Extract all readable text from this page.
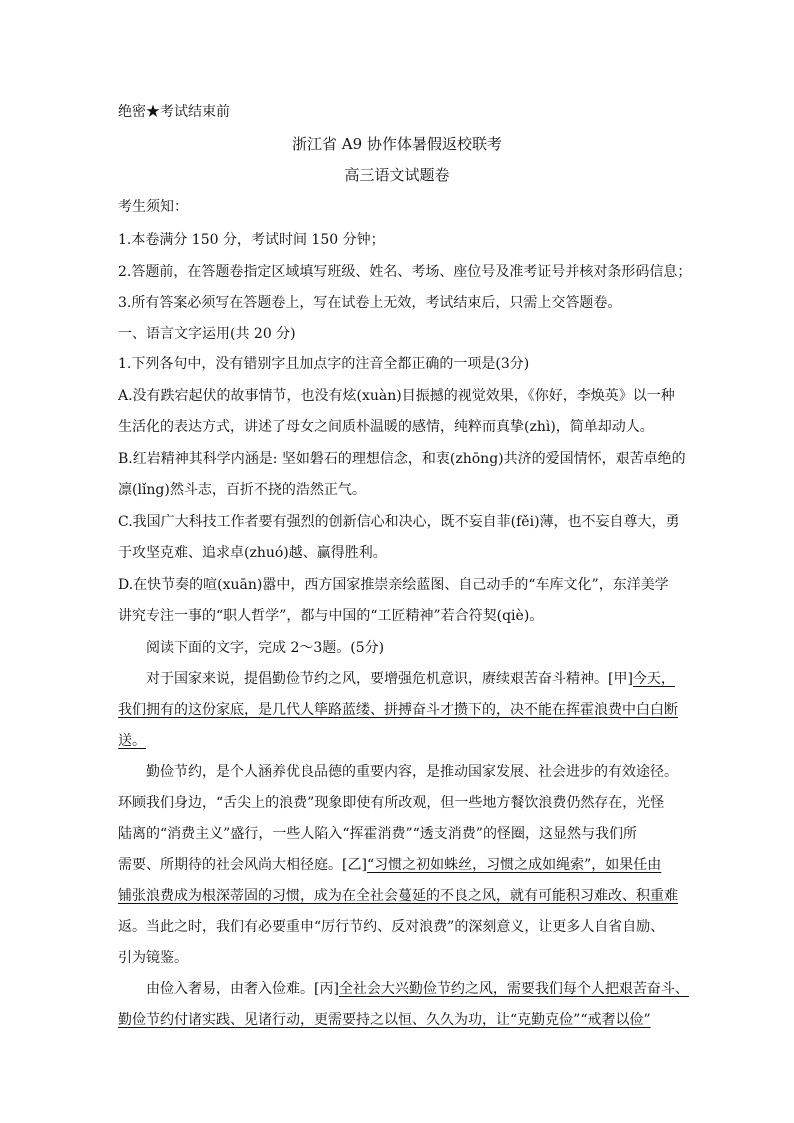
绝密★考试结束前
浙江省 A9 协作体暑假返校联考
高三语文试题卷
考生须知：
1.本卷满分 150 分，考试时间 150 分钟；
2.答题前，在答题卷指定区域填写班级、姓名、考场、座位号及准考证号并核对条形码信息；
3.所有答案必须写在答题卷上，写在试卷上无效，考试结束后，只需上交答题卷。
一、语言文字运用(共 20 分)
1.下列各句中，没有错别字且加点字的注音全都正确的一项是(3分)
A.没有跌宕起伏的故事情节，也没有炫(xuàn)目振撼的视觉效果，《你好，李焕英》以一种
生活化的表达方式，讲述了母女之间质朴温暖的感情，纯粹而真挚(zhì)，简单却动人。
B.红岩精神其科学内涵是: 坚如磐石的理想信念，和衷(zhōng)共济的爱国情怀，艰苦卓绝的
凛(lǐng)然斗志，百折不挠的浩然正气。
C.我国广大科技工作者要有强烈的创新信心和决心，既不妄自菲(fěi)薄，也不妄自尊大，勇
于攻坚克难、追求卓(zhuó)越、赢得胜利。
D.在快节奏的喧(xuān)嚣中，西方国家推崇亲绘蓝图、自己动手的“车库文化”，东洋美学
讲究专注一事的“职人哲学”，都与中国的“工匠精神”若合符契(qiè)。
阅读下面的文字，完成 2～3题。(5分)
对于国家来说，提倡勤俭节约之风，要增强危机意识，赓续艰苦奋斗精神。[甲]今天，
我们拥有的这份家底，是几代人筚路蓝缕、拼搏奋斗才攒下的，决不能在挥霍浪费中白白断
送。
勤俭节约，是个人涵养优良品德的重要内容，是推动国家发展、社会进步的有效途径。
环顾我们身边，“舌尖上的浪费”现象即使有所改观，但一些地方餐饮浪费仍然存在，光怪
陆离的“消费主义”盛行，一些人陷入“挥霍消费”“透支消费”的怪圈，这显然与我们所
需要、所期待的社会风尚大相径庭。[乙]“习惯之初如蛛丝，习惯之成如绳索”，如果任由
铺张浪费成为根深蒂固的习惯，成为在全社会蔓延的不良之风，就有可能积习难改、积重难
返。当此之时，我们有必要重申“厉行节约、反对浪费”的深刻意义，让更多人自省自励、
引为镜鉴。
由俭入奢易，由奢入俭难。[丙]全社会大兴勤俭节约之风，需要我们每个人把艰苦奋斗、
勤俭节约付诸实践、见诸行动，更需要持之以恒、久久为功，让“克勤克俭”“戒奢以俭”
